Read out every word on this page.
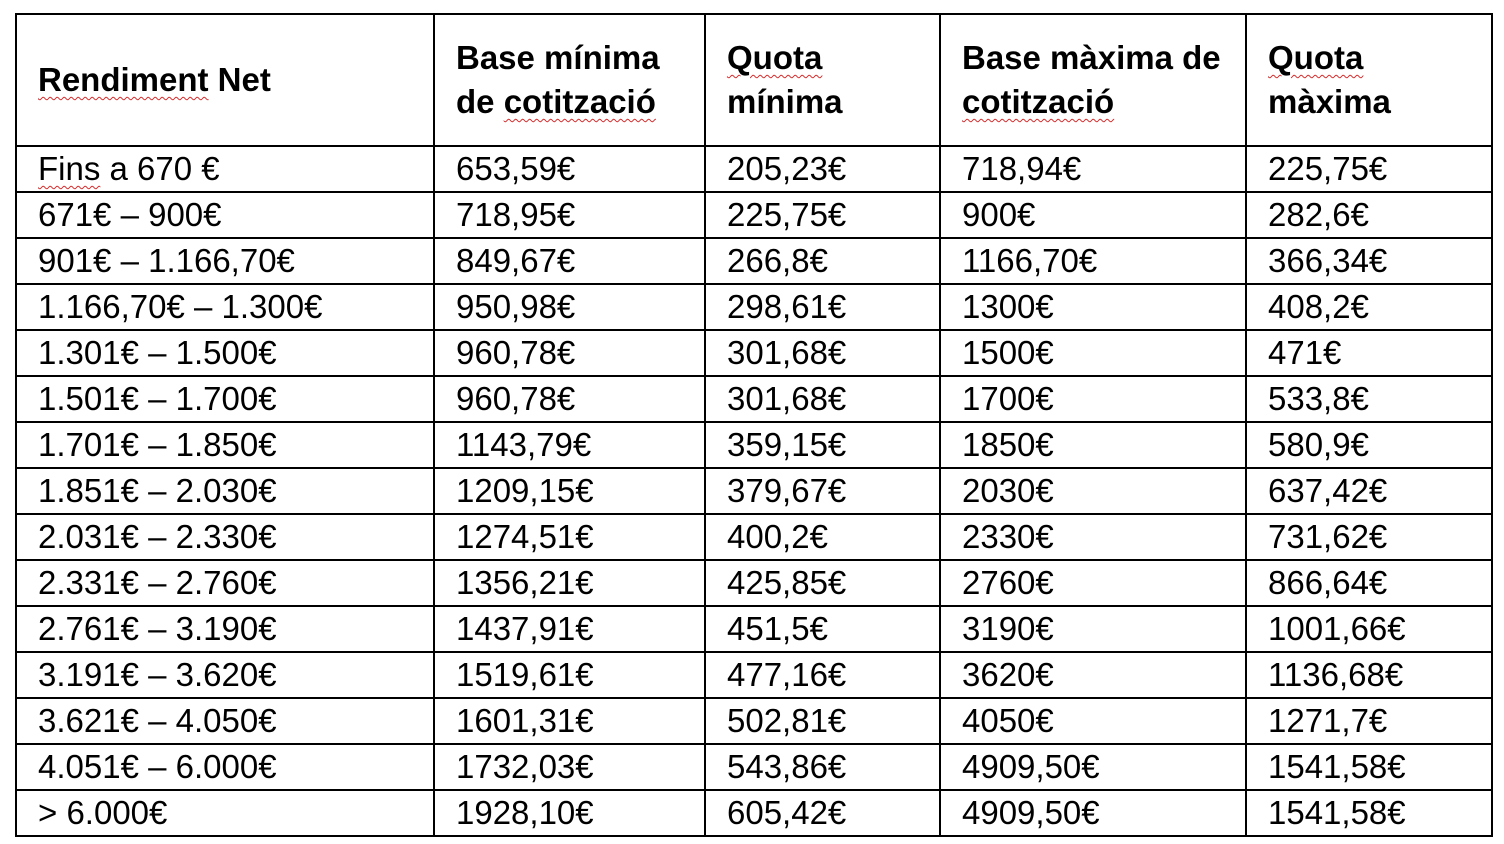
Rendiment Net	Base mínima de cotització	Quota mínima	Base màxima de cotització	Quota màxima
Fins a 670 €	653,59€	205,23€	718,94€	225,75€
671€ – 900€	718,95€	225,75€	900€	282,6€
901€ – 1.166,70€	849,67€	266,8€	1166,70€	366,34€
1.166,70€ – 1.300€	950,98€	298,61€	1300€	408,2€
1.301€ – 1.500€	960,78€	301,68€	1500€	471€
1.501€ – 1.700€	960,78€	301,68€	1700€	533,8€
1.701€ – 1.850€	1143,79€	359,15€	1850€	580,9€
1.851€ – 2.030€	1209,15€	379,67€	2030€	637,42€
2.031€ – 2.330€	1274,51€	400,2€	2330€	731,62€
2.331€ – 2.760€	1356,21€	425,85€	2760€	866,64€
2.761€ – 3.190€	1437,91€	451,5€	3190€	1001,66€
3.191€ – 3.620€	1519,61€	477,16€	3620€	1136,68€
3.621€ – 4.050€	1601,31€	502,81€	4050€	1271,7€
4.051€ – 6.000€	1732,03€	543,86€	4909,50€	1541,58€
> 6.000€	1928,10€	605,42€	4909,50€	1541,58€
